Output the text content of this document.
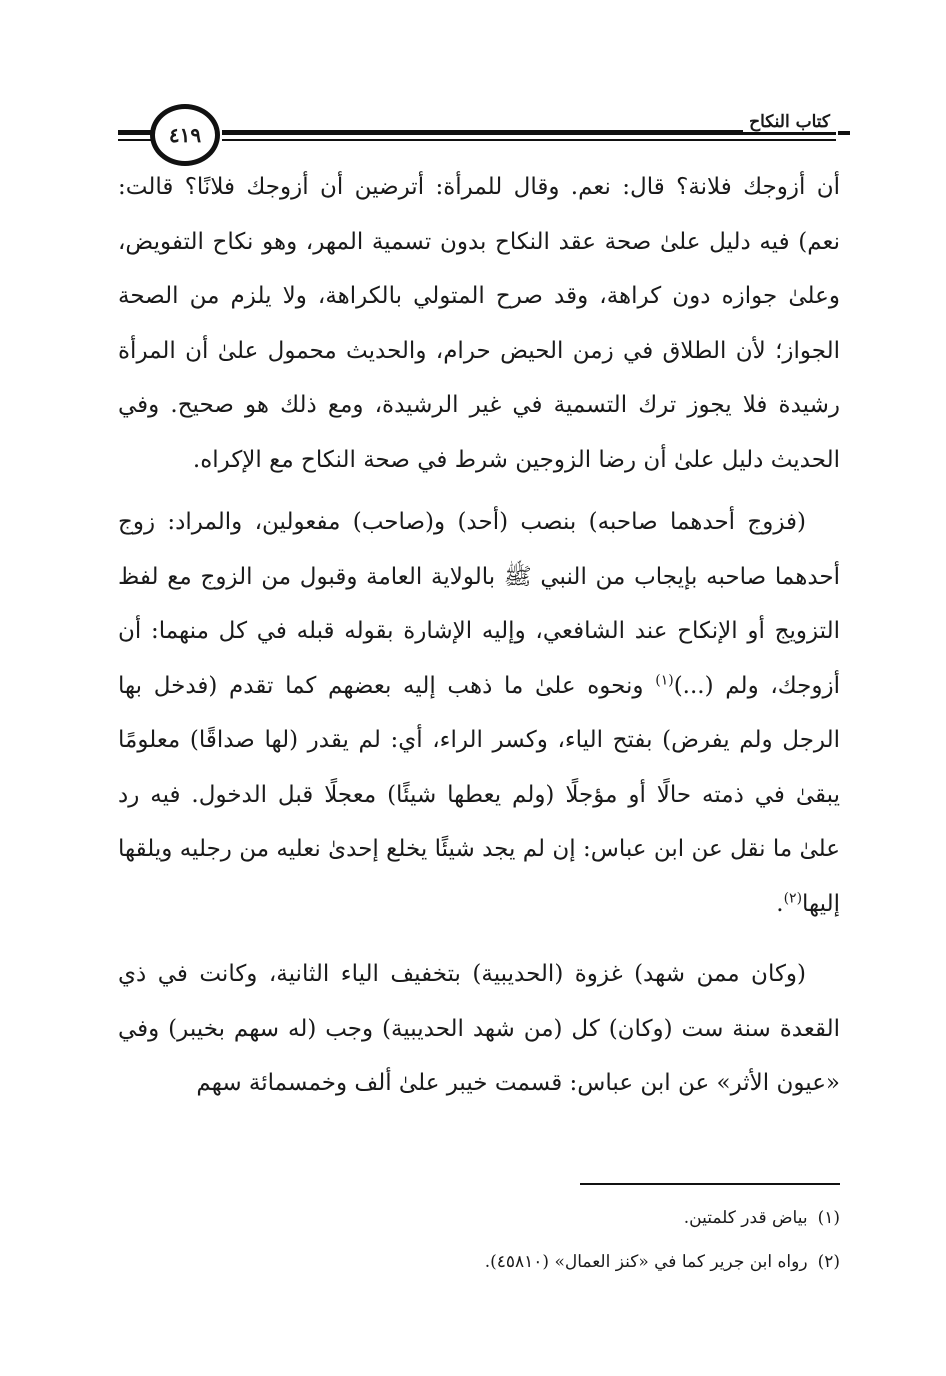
كتاب النكاح
٤١٩

أن أزوجك فلانة؟ قال: نعم. وقال للمرأة: أترضين أن أزوجك فلانًا؟ قالت: نعم) فيه دليل علىٰ صحة عقد النكاح بدون تسمية المهر، وهو نكاح التفويض، وعلىٰ جوازه دون كراهة، وقد صرح المتولي بالكراهة، ولا يلزم من الصحة الجواز؛ لأن الطلاق في زمن الحيض حرام، والحديث محمول علىٰ أن المرأة رشيدة فلا يجوز ترك التسمية في غير الرشيدة، ومع ذلك هو صحيح. وفي الحديث دليل علىٰ أن رضا الزوجين شرط في صحة النكاح مع الإكراه.

(فزوج أحدهما صاحبه) بنصب (أحد) و(صاحب) مفعولين، والمراد: زوج أحدهما صاحبه بإيجاب من النبي ﷺ بالولاية العامة وقبول من الزوج مع لفظ التزويج أو الإنكاح عند الشافعي، وإليه الإشارة بقوله قبله في كل منهما: أن أزوجك، ولم (...)$^{(١)}$ ونحوه علىٰ ما ذهب إليه بعضهم كما تقدم (فدخل بها الرجل ولم يفرض) بفتح الياء، وكسر الراء، أي: لم يقدر (لها صداقًا) معلومًا يبقىٰ في ذمته حالًا أو مؤجلًا (ولم يعطها شيئًا) معجلًا قبل الدخول. فيه رد علىٰ ما نقل عن ابن عباس: إن لم يجد شيئًا يخلع إحدىٰ نعليه من رجليه ويلقها إليها$^{(٢)}$.

(وكان ممن شهد) غزوة (الحديبية) بتخفيف الياء الثانية، وكانت في ذي القعدة سنة ست (وكان) كل (من شهد الحديبية) وجب (له سهم بخيبر) وفي «عيون الأثر» عن ابن عباس: قسمت خيبر علىٰ ألف وخمسمائة سهم

(١)بياض قدر كلمتين.

(٢)رواه ابن جرير كما في «كنز العمال» (٤٥٨١٠).
